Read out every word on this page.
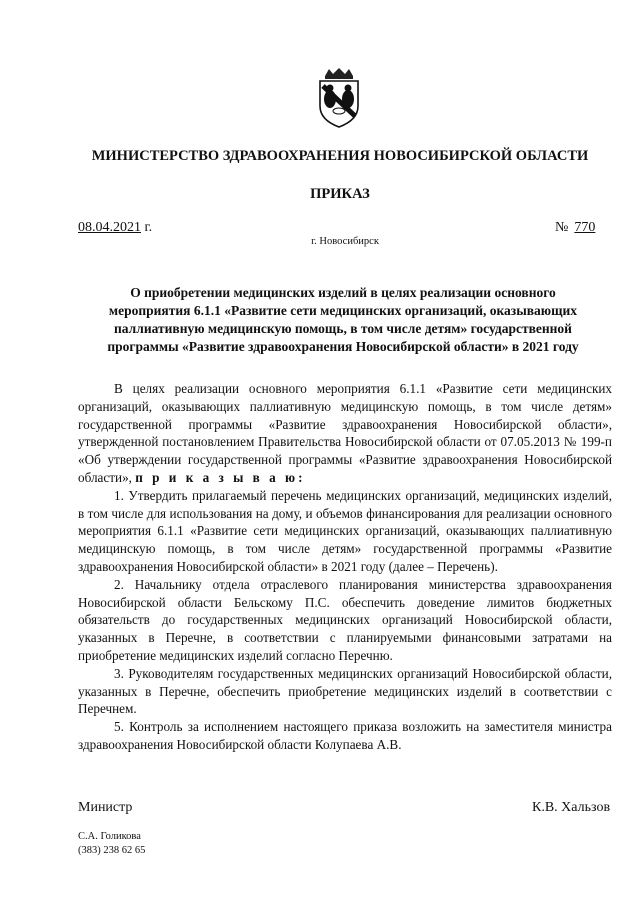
МИНИСТЕРСТВО ЗДРАВООХРАНЕНИЯ НОВОСИБИРСКОЙ ОБЛАСТИ
ПРИКАЗ
08.04.2021 г.	№ 770
г. Новосибирск
О приобретении медицинских изделий в целях реализации основного
мероприятия 6.1.1 «Развитие сети медицинских организаций, оказывающих
паллиативную медицинскую помощь, в том числе детям» государственной
программы «Развитие здравоохранения Новосибирской области» в 2021 году

В целях реализации основного мероприятия 6.1.1 «Развитие сети медицинских организаций, оказывающих паллиативную медицинскую помощь, в том числе детям» государственной программы «Развитие здравоохранения Новосибирской области», утвержденной постановлением Правительства Новосибирской области от 07.05.2013 № 199-п «Об утверждении государственной программы «Развитие здравоохранения Новосибирской области», п р и к а з ы в а ю:

1. Утвердить прилагаемый перечень медицинских организаций, медицинских изделий, в том числе для использования на дому, и объемов финансирования для реализации основного мероприятия 6.1.1 «Развитие сети медицинских организаций, оказывающих паллиативную медицинскую помощь, в том числе детям» государственной программы «Развитие здравоохранения Новосибирской области» в 2021 году (далее – Перечень).

2. Начальнику отдела отраслевого планирования министерства здравоохранения Новосибирской области Бельскому П.С. обеспечить доведение лимитов бюджетных обязательств до государственных медицинских организаций Новосибирской области, указанных в Перечне, в соответствии с планируемыми финансовыми затратами на приобретение медицинских изделий согласно Перечню.

3. Руководителям государственных медицинских организаций Новосибирской области, указанных в Перечне, обеспечить приобретение медицинских изделий в соответствии с Перечнем.

5. Контроль за исполнением настоящего приказа возложить на заместителя министра здравоохранения Новосибирской области Колупаева А.В.

Министр	К.В. Хальзов
С.А. Голикова
(383) 238 62 65
